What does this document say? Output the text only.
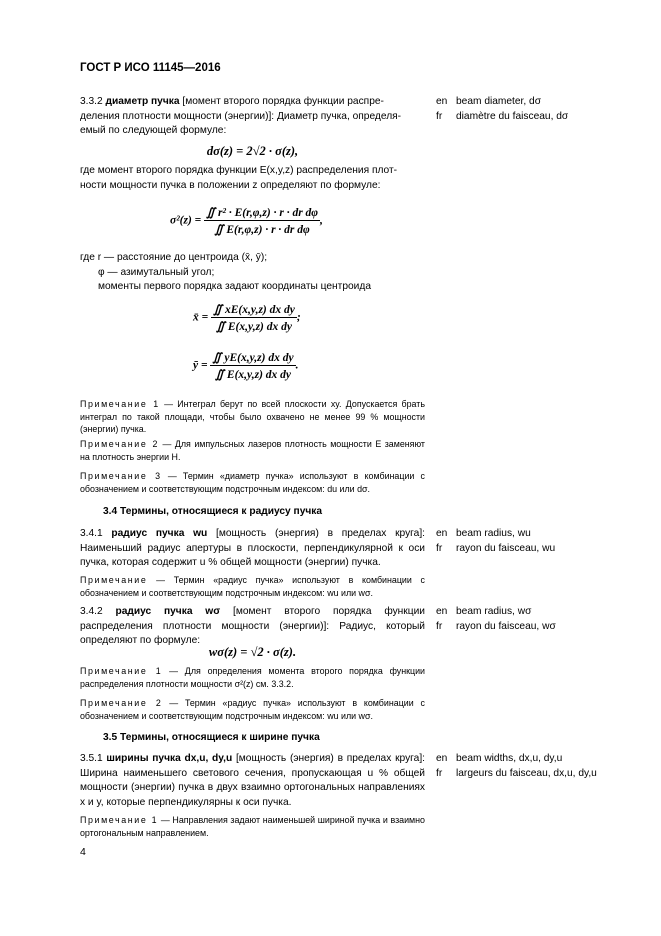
ГОСТ Р ИСО 11145—2016
3.3.2 диаметр пучка [момент второго порядка функции распре-
деления плотности мощности (энергии)]: Диаметр пучка, определя-
емый по следующей формуле:
en
fr
beam diameter, dσ
diamètre du faisceau, dσ
dσ(z) = 2√2 · σ(z),
где момент второго порядка функции E(x,y,z) распределения плот-
ности мощности пучка в положении z определяют по формуле:
$\sigma^2(z) = \frac{\text{∬ r² · E(r,φ,z) · r · dr dφ}}{\text{∬ E(r,φ,z) · r · dr dφ}}$ ,
где r — расстояние до центроида (x̄, ȳ);
φ — азимутальный угол;
моменты первого порядка задают координаты центроида
x̄ = $\frac{\text{∬ xE(x,y,z) dx dy}}{\text{∬ E(x,y,z) dx dy}}$ ;
ȳ = $\frac{\text{∬ yE(x,y,z) dx dy}}{\text{∬ E(x,y,z) dx dy}}$ .
Примечание 1 — Интеграл берут по всей плоскости xy. Допускается брать интеграл по такой площади, чтобы было охвачено не менее 99 % мощности (энергии) пучка.
Примечание 2 — Для импульсных лазеров плотность мощности E заменяют на плотность энергии H.
Примечание 3 — Термин «диаметр пучка» используют в комбинации с обозначением и соответствующим подстрочным индексом: du или dσ.
3.4 Термины, относящиеся к радиусу пучка
3.4.1 радиус пучка wu [мощность (энергия) в пределах круга]: Наименьший радиус апертуры в плоскости, перпендикулярной к оси пучка, которая содержит u % общей мощности (энергии) пучка.
en
fr
beam radius, wu
rayon du faisceau, wu
Примечание — Термин «радиус пучка» используют в комбинации с обозначением и соответствующим подстрочным индексом: wu или wσ.
3.4.2 радиус пучка wσ [момент второго порядка функции распределения плотности мощности (энергии)]: Радиус, который определяют по формуле:
en
fr
beam radius, wσ
rayon du faisceau, wσ
wσ(z) = √2 · σ(z).
Примечание 1 — Для определения момента второго порядка функции распределения плотности мощности σ²(z) см. 3.3.2.
Примечание 2 — Термин «радиус пучка» используют в комбинации с обозначением и соответствующим подстрочным индексом: wu или wσ.
3.5 Термины, относящиеся к ширине пучка
3.5.1 ширины пучка dx,u, dy,u [мощность (энергия) в пределах круга]: Ширина наименьшего светового сечения, пропускающая u % общей мощности (энергии) пучка в двух взаимно ортогональных направлениях x и y, которые перпендикулярны к оси пучка.
en
fr
beam widths, dx,u, dy,u
largeurs du faisceau, dx,u, dy,u
Примечание 1 — Направления задают наименьшей шириной пучка и взаимно ортогональным направлением.
4
